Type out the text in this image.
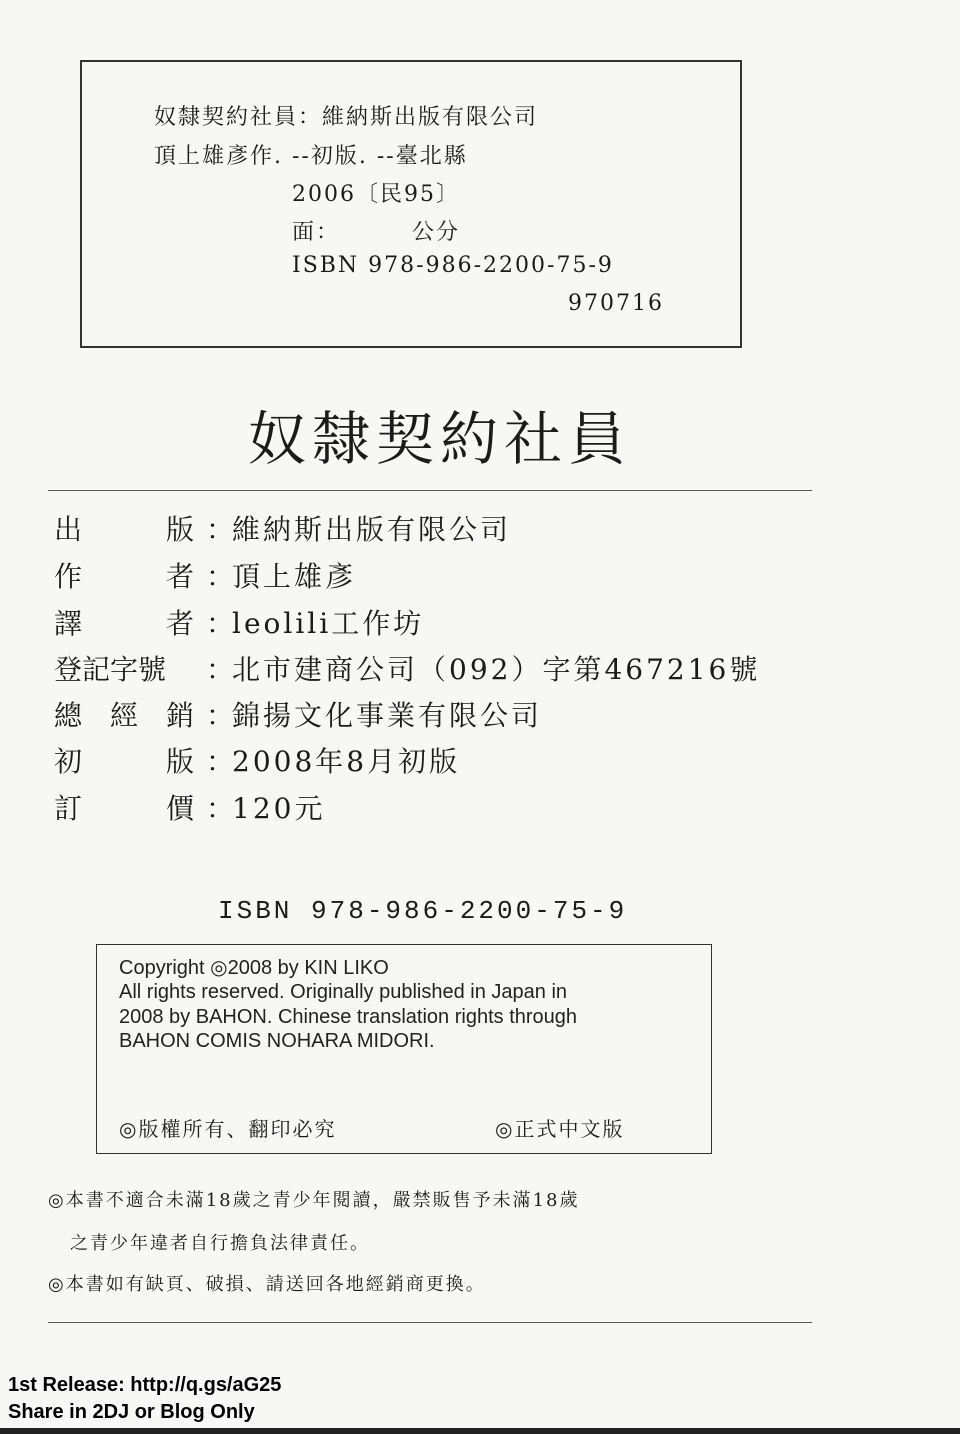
奴隸契約社員：維納斯出版有限公司
頂上雄彥作. --初版. --臺北縣
2006〔民95〕
面：        公分
ISBN 978-986-2200-75-9
970716
奴隸契約社員
出	版 ：
維納斯出版有限公司
作	者 ：
頂上雄彥
譯	者 ：
leolili工作坊
登記字號 ：
北市建商公司（092）字第467216號
總 經 銷 ：
錦揚文化事業有限公司
初	版 ：
2008年8月初版
訂	價 ：
120元
ISBN 978-986-2200-75-9
Copyright ◎2008 by KIN LIKO
All rights reserved. Originally published in Japan in
2008 by BAHON. Chinese translation rights through
BAHON COMIS NOHARA MIDORI.
◎版權所有、翻印必究	◎正式中文版
◎本書不適合未滿18歲之青少年閱讀，嚴禁販售予未滿18歲
之青少年違者自行擔負法律責任。
◎本書如有缺頁、破損、請送回各地經銷商更換。
1st Release: http://q.gs/aG25
Share in 2DJ or Blog Only
